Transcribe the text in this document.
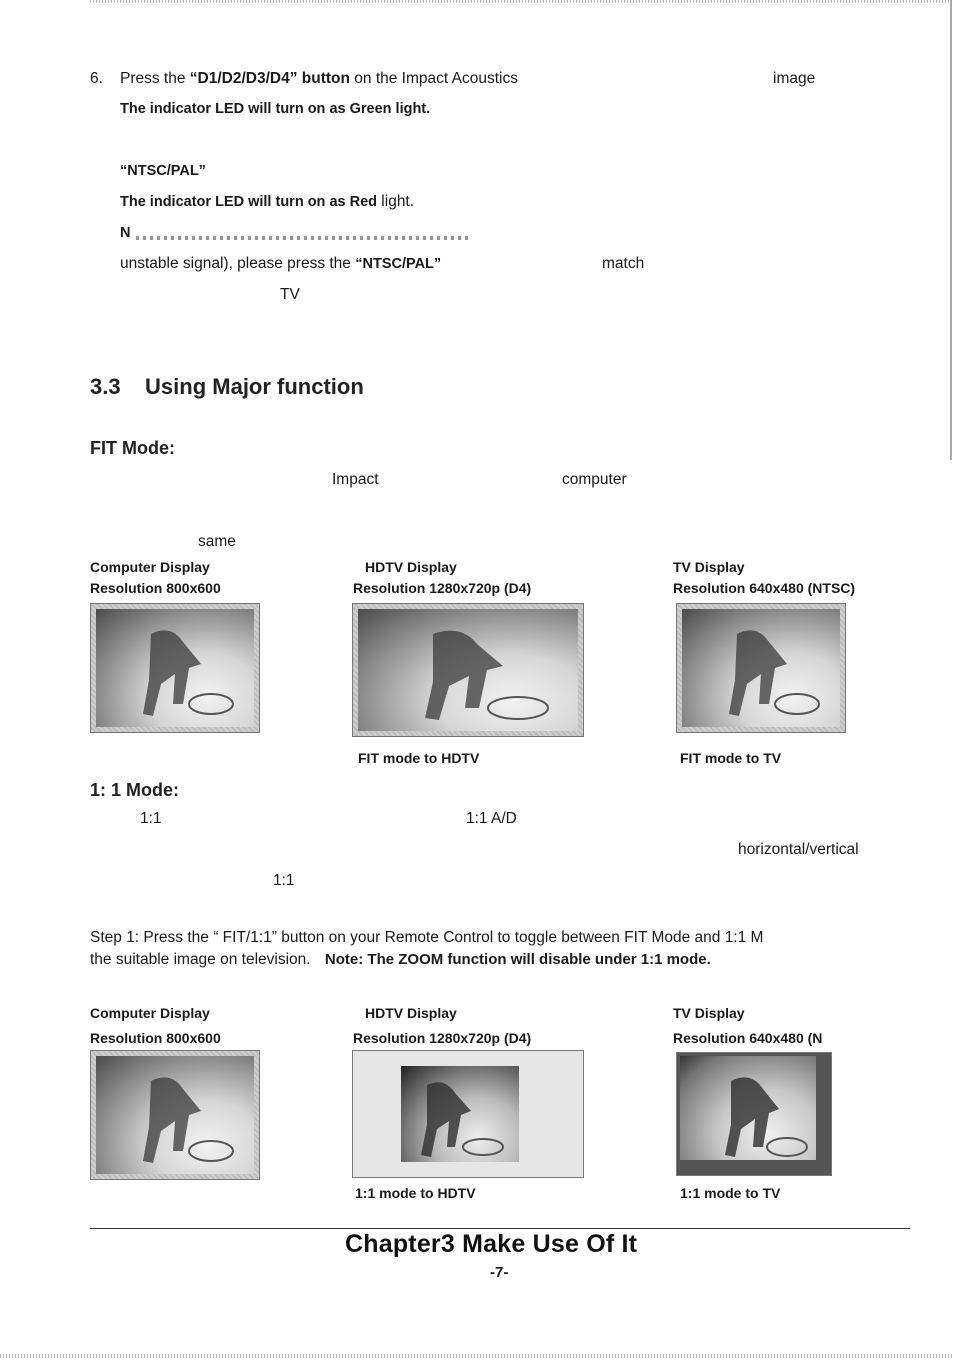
6. Press the “D1/D2/D3/D4” button on the Impact Acoustics	image
The indicator LED will turn on as Green light.
“NTSC/PAL”
The indicator LED will turn on as Red light.
N
unstable signal), please press the “NTSC/PAL”	match
TV
3.3    Using Major function
FIT Mode:
Impact	computer
same
Computer Display
Resolution 800x600
HDTV Display
Resolution 1280x720p (D4)
TV Display
Resolution 640x480 (NTSC)
FIT mode to HDTV	FIT mode to TV
1: 1 Mode:
1:1	1:1 A/D
horizontal/vertical
1:1
Step 1: Press the “ FIT/1:1” button on your Remote Control to toggle between FIT Mode and 1:1 M
the suitable image on television. Note: The ZOOM function will disable under 1:1 mode.
Computer Display
Resolution 800x600
HDTV Display
Resolution 1280x720p (D4)
TV Display
Resolution 640x480 (N
1:1 mode to HDTV	1:1 mode to TV
Chapter3 Make Use Of It
-7-
